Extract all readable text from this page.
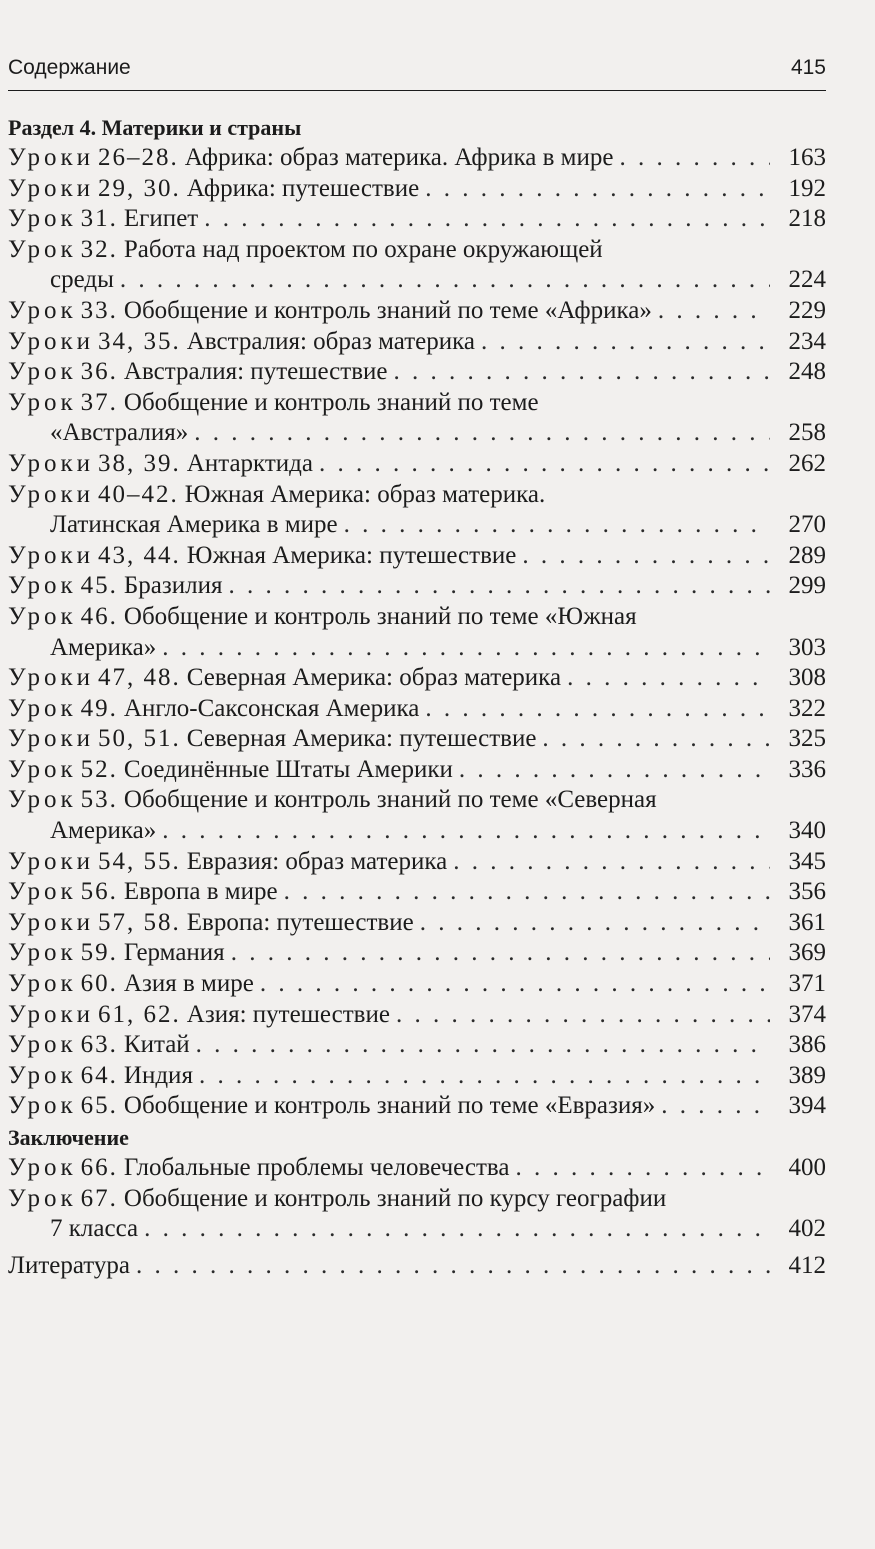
Содержание	415
Раздел 4. Материки и страны
Уроки 26–28. Африка: образ материка. Африка в мире . . .	163
Уроки 29, 30. Африка: путешествие . . .	192
Урок 31. Египет . . .	218
Урок 32. Работа над проектом по охране окружающей
среды . . .	224
Урок 33. Обобщение и контроль знаний по теме «Африка» . . .	229
Уроки 34, 35. Австралия: образ материка . . .	234
Урок 36. Австралия: путешествие . . .	248
Урок 37. Обобщение и контроль знаний по теме
«Австралия» . . .	258
Уроки 38, 39. Антарктида . . .	262
Уроки 40–42. Южная Америка: образ материка.
Латинская Америка в мире . . .	270
Уроки 43, 44. Южная Америка: путешествие . . .	289
Урок 45. Бразилия . . .	299
Урок 46. Обобщение и контроль знаний по теме «Южная
Америка» . . .	303
Уроки 47, 48. Северная Америка: образ материка . . .	308
Урок 49. Англо-Саксонская Америка . . .	322
Уроки 50, 51. Северная Америка: путешествие . . .	325
Урок 52. Соединённые Штаты Америки . . .	336
Урок 53. Обобщение и контроль знаний по теме «Северная
Америка» . . .	340
Уроки 54, 55. Евразия: образ материка . . .	345
Урок 56. Европа в мире . . .	356
Уроки 57, 58. Европа: путешествие . . .	361
Урок 59. Германия . . .	369
Урок 60. Азия в мире . . .	371
Уроки 61, 62. Азия: путешествие . . .	374
Урок 63. Китай . . .	386
Урок 64. Индия . . .	389
Урок 65. Обобщение и контроль знаний по теме «Евразия» . . .	394
Заключение
Урок 66. Глобальные проблемы человечества . . .	400
Урок 67. Обобщение и контроль знаний по курсу географии
7 класса . . .	402
Литература . . .	412
